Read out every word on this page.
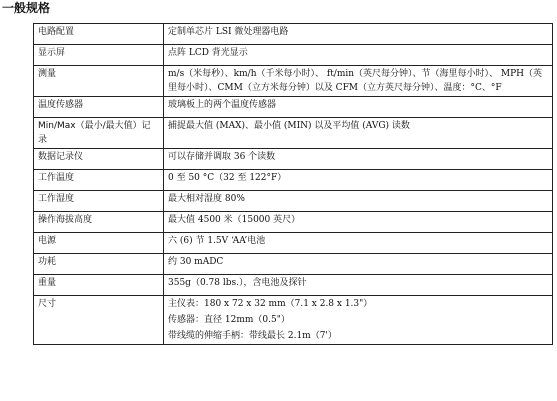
一般规格
电路配置	定制单芯片 LSI 微处理器电路

显示屏	点阵 LCD 背光显示

测量	m/s（米每秒）、km/h（千米每小时）、 ft/min（英尺每分钟）、节（海里每小时）、 MPH（英里每小时）、CMM（立方米每分钟）以及 CFM（立方英尺每分钟）、温度：°C、°F

温度传感器	玻璃板上的两个温度传感器

Min/Max（最小/最大值）记录	捕捉最大值 (MAX)、最小值 (MIN) 以及平均值 (AVG) 读数

数据记录仪	可以存储并调取 36 个读数

工作温度	0 至 50 °C（32 至 122°F）

工作湿度	最大相对湿度 80%

操作海拔高度	最大值 4500 米（15000 英尺）

电源	六 (6) 节 1.5V ‘AA’电池

功耗	约 30 mADC

重量	355g（0.78 lbs.），含电池及探针

尺寸	主仪表：180 x 72 x 32 mm（7.1 x 2.8 x 1.3"）
传感器：直径 12mm（0.5"）
带线缆的伸缩手柄：带线最长 2.1m（7'）
